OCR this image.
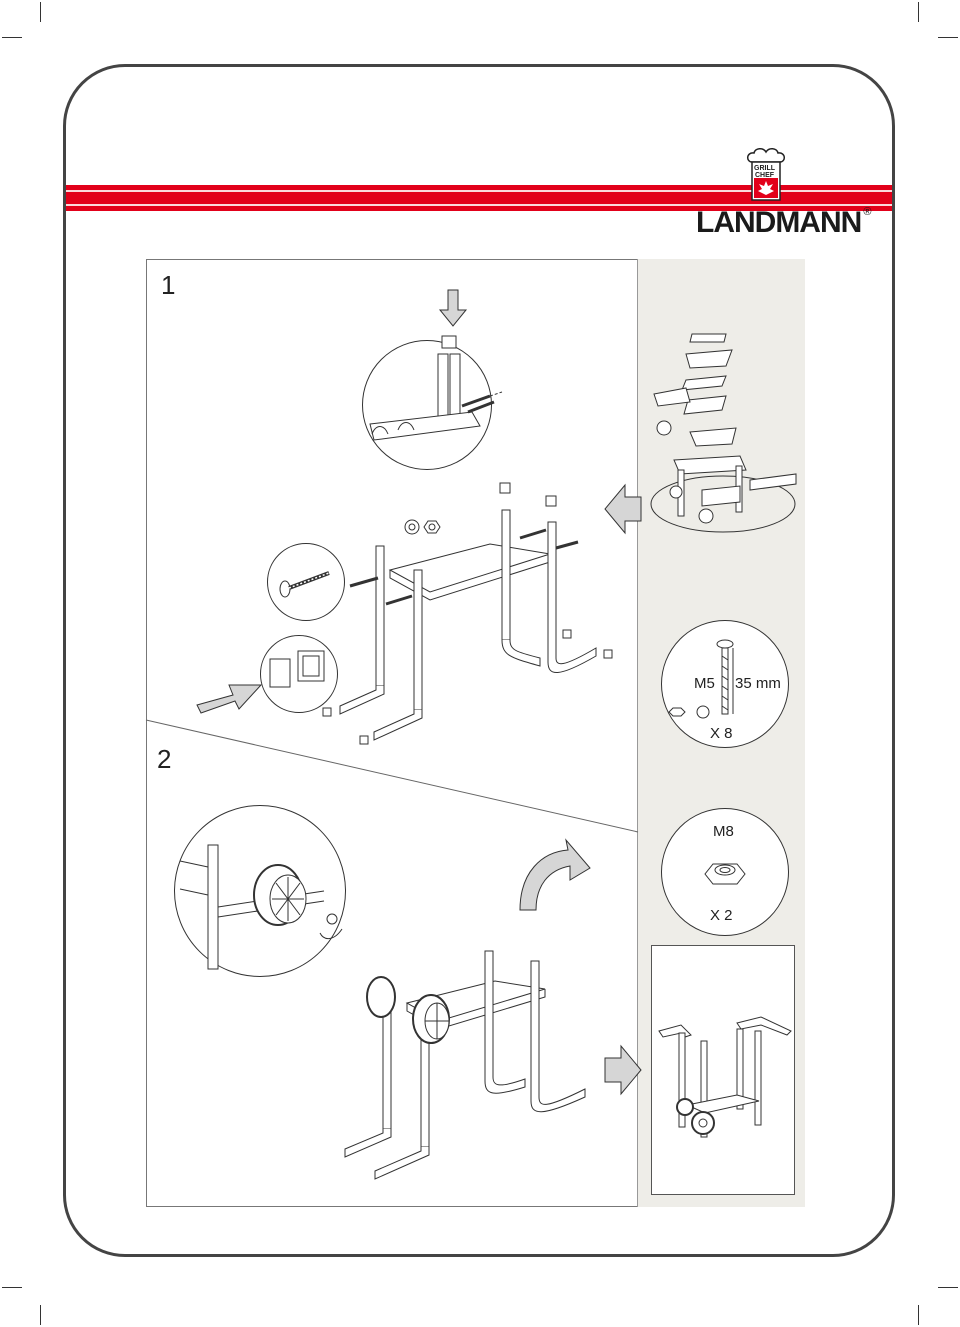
GRILL
CHEF
LANDMANN ®
1
2
M5 35 mm
X 8
M8
X 2
